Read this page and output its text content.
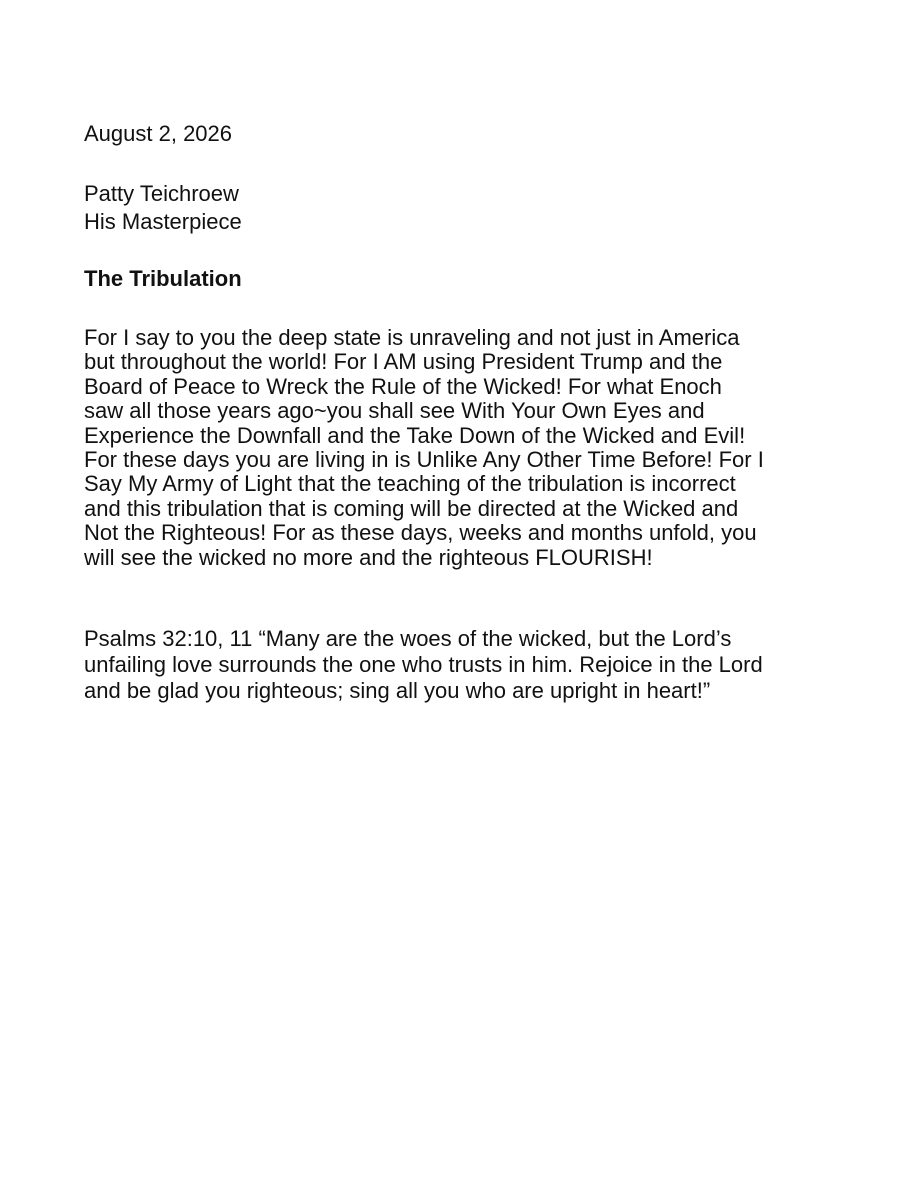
August 2, 2026

Patty Teichroew
His Masterpiece
The Tribulation
For I say to you the deep state is unraveling and not just in America
but throughout the world! For I AM using President Trump and the
Board of Peace to Wreck the Rule of the Wicked! For what Enoch
saw all those years ago~you shall see With Your Own Eyes and
Experience the Downfall and the Take Down of the Wicked and Evil!
For these days you are living in is Unlike Any Other Time Before! For I
Say My Army of Light that the teaching of the tribulation is incorrect
and this tribulation that is coming will be directed at the Wicked and
Not the Righteous! For as these days, weeks and months unfold, you
will see the wicked no more and the righteous FLOURISH!
Psalms 32:10, 11 “Many are the woes of the wicked, but the Lord’s
unfailing love surrounds the one who trusts in him. Rejoice in the Lord
and be glad you righteous; sing all you who are upright in heart!”
